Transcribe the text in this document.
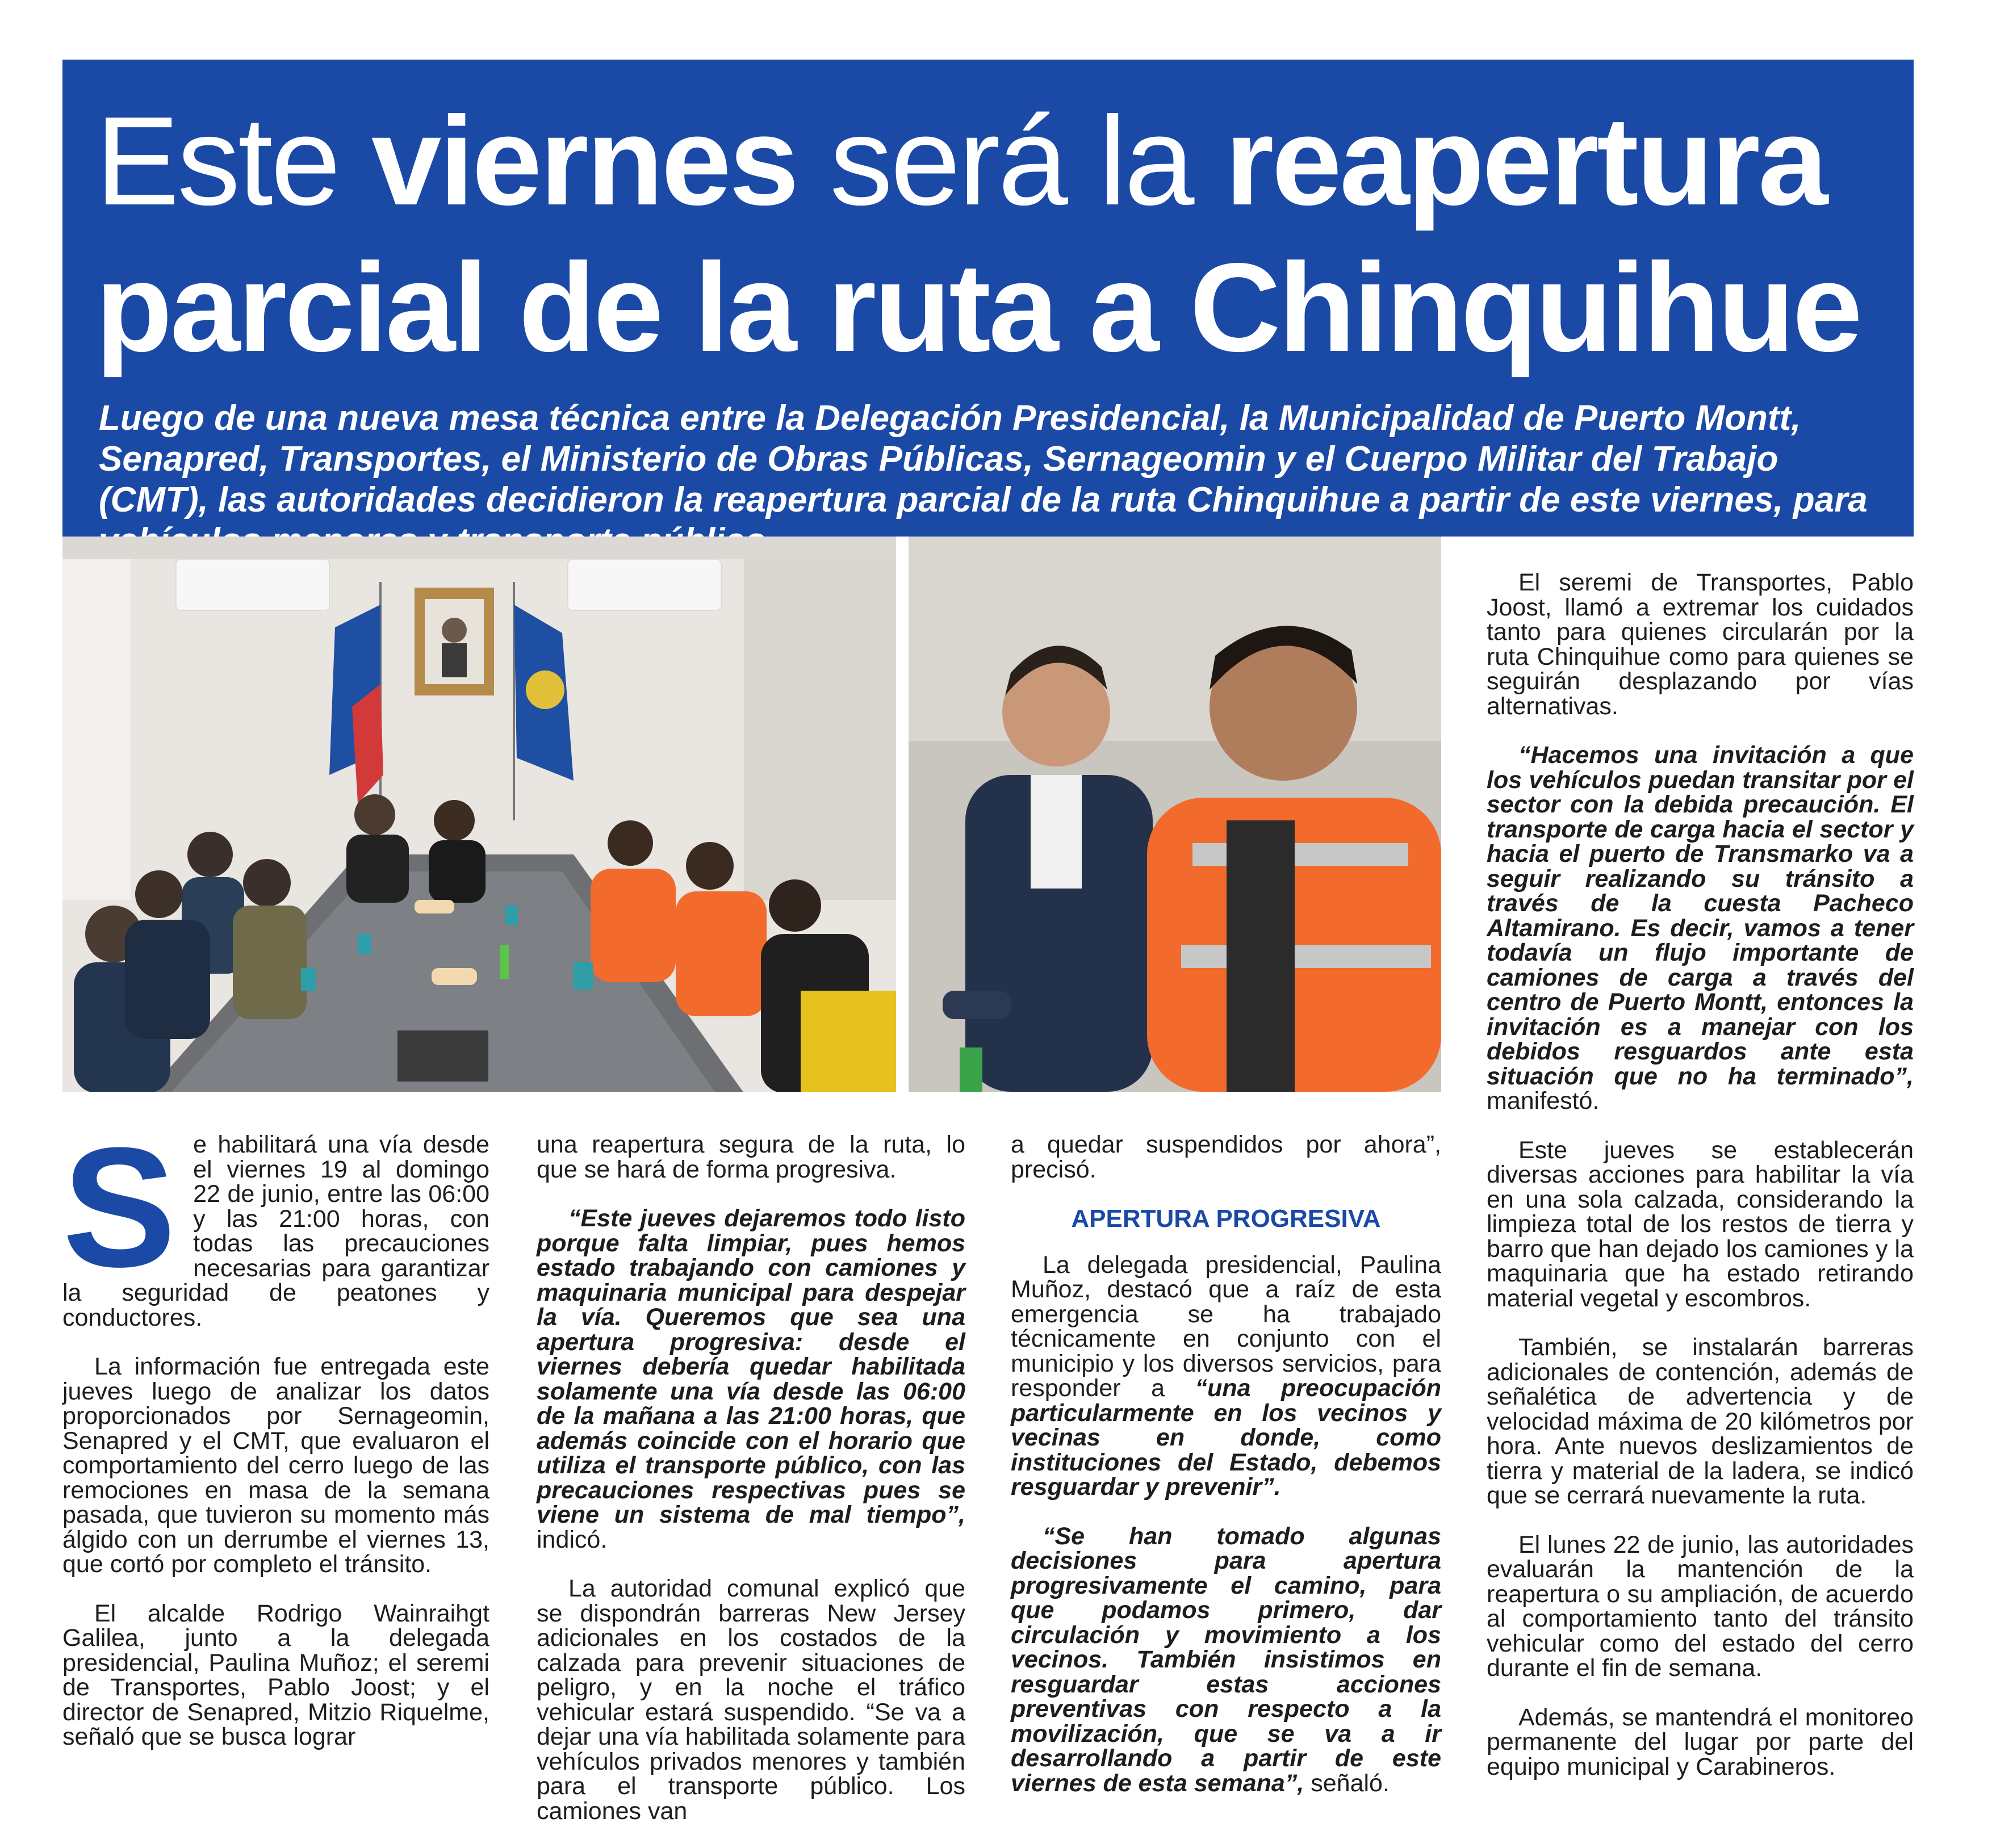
Este viernes será la reapertura
parcial de la ruta a Chinquihue

Luego de una nueva mesa técnica entre la Delegación Presidencial, la Municipalidad de Puerto Montt, Senapred, Transportes, el Ministerio de Obras Públicas, Sernageomin y el Cuerpo Militar del Trabajo (CMT), las autoridades decidieron la reapertura parcial de la ruta Chinquihue a partir de este viernes, para

Se habilitará una vía desde el viernes 19 al domingo 22 de junio, entre las 06:00 y las 21:00 horas, con todas las precauciones necesarias para garantizar la seguridad de peatones y conductores.

La información fue entregada este jueves luego de analizar los datos proporcionados por Sernageomin, Senapred y el CMT, que evaluaron el comportamiento del cerro luego de las remociones en masa de la semana pasada, que tuvieron su momento más álgido con un derrumbe el viernes 13, que cortó por completo el tránsito.

El alcalde Rodrigo Wainraihgt Galilea, junto a la delegada presidencial, Paulina Muñoz; el seremi de Transportes, Pablo Joost; y el director de Senapred, Mitzio Riquelme, señaló que se busca lograr

una reapertura segura de la ruta, lo que se hará de forma progresiva.

“Este jueves dejaremos todo listo porque falta limpiar, pues hemos estado trabajando con camiones y maquinaria municipal para despejar la vía. Queremos que sea una apertura progresiva: desde el viernes debería quedar habilitada solamente una vía desde las 06:00 de la mañana a las 21:00 horas, que además coincide con el horario que utiliza el transporte público, con las precauciones respectivas pues se viene un sistema de mal tiempo”, indicó.

La autoridad comunal explicó que se dispondrán barreras New Jersey adicionales en los costados de la calzada para prevenir situaciones de peligro, y en la noche el tráfico vehicular estará suspendido. “Se va a dejar una vía habilitada solamente para vehículos privados menores y también para el transporte público. Los camiones van

a quedar suspendidos por ahora”, precisó.

APERTURA PROGRESIVA

La delegada presidencial, Paulina Muñoz, destacó que a raíz de esta emergencia se ha trabajado técnicamente en conjunto con el municipio y los diversos servicios, para responder a “una preocupación particularmente en los vecinos y vecinas en donde, como instituciones del Estado, debemos resguardar y prevenir”.

“Se han tomado algunas decisiones para apertura progresivamente el camino, para que podamos primero, dar circulación y movimiento a los vecinos. También insistimos en resguardar estas acciones preventivas con respecto a la movilización, que se va a ir desarrollando a partir de este viernes de esta semana”, señaló.

El seremi de Transportes, Pablo Joost, llamó a extremar los cuidados tanto para quienes circularán por la ruta Chinquihue como para quienes se seguirán desplazando por vías alternativas.

“Hacemos una invitación a que los vehículos puedan transitar por el sector con la debida precaución. El transporte de carga hacia el sector y hacia el puerto de Transmarko va a seguir realizando su tránsito a través de la cuesta Pacheco Altamirano. Es decir, vamos a tener todavía un flujo importante de camiones de carga a través del centro de Puerto Montt, entonces la invitación es a manejar con los debidos resguardos ante esta situación que no ha terminado”, manifestó.

Este jueves se establecerán diversas acciones para habilitar la vía en una sola calzada, considerando la limpieza total de los restos de tierra y barro que han dejado los camiones y la maquinaria que ha estado retirando material vegetal y escombros.

También, se instalarán barreras adicionales de contención, además de señalética de advertencia y de velocidad máxima de 20 kilómetros por hora. Ante nuevos deslizamientos de tierra y material de la ladera, se indicó que se cerrará nuevamente la ruta.

El lunes 22 de junio, las autoridades evaluarán la mantención de la reapertura o su ampliación, de acuerdo al comportamiento tanto del tránsito vehicular como del estado del cerro durante el fin de semana.

Además, se mantendrá el monitoreo permanente del lugar por parte del equipo municipal y Carabineros.
